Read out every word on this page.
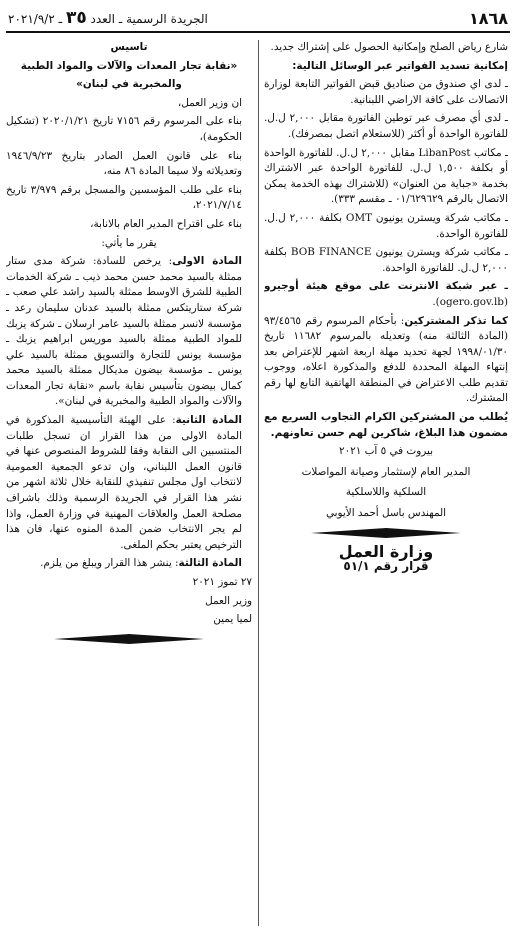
١٨٦٨
الجريدة الرسمية ـ العدد ٣٥ ـ ٢٠٢١/٩/٢

شارع رياض الصلح وإمكانية الحصول على إشتراك جديد.

إمكانية تسديد الفواتير عبر الوسائل التالية:

ـ لدى اي صندوق من صناديق قبض الفواتير التابعة لوزارة الاتصالات على كافة الاراضي اللبنانية.

ـ لدى أي مصرف عبر توطين الفاتورة مقابل ٢,٠٠٠ ل.ل. للفاتورة الواحدة أو أكثر (للاستعلام اتصل بمصرفك).

ـ مكاتب LibanPost مقابل ٢,٠٠٠ ل.ل. للفاتورة الواحدة أو بكلفة ١,٥٠٠ ل.ل. للفاتورة الواحدة عبر الاشتراك بخدمة «جباية من العنوان» (للاشتراك بهذه الخدمة يمكن الاتصال بالرقم ٠١/٦٢٩٦٢٩ ـ مقسم ٣٣٣).

ـ مكاتب شركة ويسترن يونيون OMT بكلفة ٢,٠٠٠ ل.ل. للفاتورة الواحدة.

ـ مكاتب شركة ويسترن يونيون BOB FINANCE بكلفة ٢,٠٠٠ ل.ل. للفاتورة الواحدة.

ـ عبر شبكة الانترنت على موقع هيئة أوجيرو (ogero.gov.lb).

كما تذكر المشتركين: بأحكام المرسوم رقم ٩٣/٤٥٦٥ (المادة الثالثة منه) وتعديله بالمرسوم ١١٦٨٢ تاريخ ١٩٩٨/٠١/٣٠ لجهة تحديد مهلة اربعة اشهر للإعتراض بعد إنتهاء المهلة المحددة للدفع والمذكورة اعلاه، ووجوب تقديم طلب الاعتراض في المنطقة الهاتفية التابع لها رقم المشترك.

يُطلب من المشتركين الكرام التجاوب السريع مع مضمون هذا البلاغ، شاكرين لهم حسن تعاونهم.

بيروت في ٥ آب ٢٠٢١

المدير العام لإستثمار وصيانة المواصلات

السلكية واللاسلكية

المهندس باسل أحمد الأيوبي

وزارة العمل
قرار رقم ٥١/١

تاسيس

«نقابة تجار المعدات والآلات والمواد الطبية

والمخبرية في لبنان»

ان وزير العمل،

بناء على المرسوم رقم ٧١٥٦ تاريخ ٢٠٢٠/١/٢١ (تشكيل الحكومة)،

بناء على قانون العمل الصادر بتاريخ ١٩٤٦/٩/٢٣ وتعديلاته ولا سيما المادة ٨٦ منه،

بناء على طلب المؤسسين والمسجل برقم ٣/٩٧٩ تاريخ ٢٠٢١/٧/١٤،

بناء على اقتراح المدير العام بالانابة،

يقرر ما يأتي:

المادة الاولى: يرخص للسادة: شركة مدى ستار ممثلة بالسيد محمد حسن محمد ذيب ـ شركة الخدمات الطبية للشرق الاوسط ممثلة بالسيد راشد علي صعب ـ شركة ستاريتكس ممثلة بالسيد عدنان سليمان رعد ـ مؤسسة لانسر ممثلة بالسيد عامر ارسلان ـ شركة يزبك للمواد الطبية ممثلة بالسيد موريس ابراهيم يزبك ـ مؤسسة يونس للتجارة والتسويق ممثلة بالسيد علي يونس ـ مؤسسة بيضون مديكال ممثلة بالسيد محمد كمال بيضون بتأسيس نقابة باسم «نقابة تجار المعدات والآلات والمواد الطبية والمخبرية في لبنان».

المادة الثانية: على الهيئة التأسيسية المذكورة في المادة الاولى من هذا القرار ان تسجل طلبات المنتسبين الى النقابة وفقا للشروط المنصوص عنها في قانون العمل اللبناني، وان تدعو الجمعية العمومية لانتخاب اول مجلس تنفيذي للنقابة خلال ثلاثة اشهر من نشر هذا القرار في الجريدة الرسمية وذلك باشراف مصلحة العمل والعلاقات المهنية في وزارة العمل، واذا لم يجر الانتخاب ضمن المدة المنوه عنها، فان هذا الترخيص يعتبر بحكم الملغى.

المادة الثالثة: ينشر هذا القرار ويبلغ من يلزم.

٢٧ تموز ٢٠٢١

وزير العمل

لميا يمين
